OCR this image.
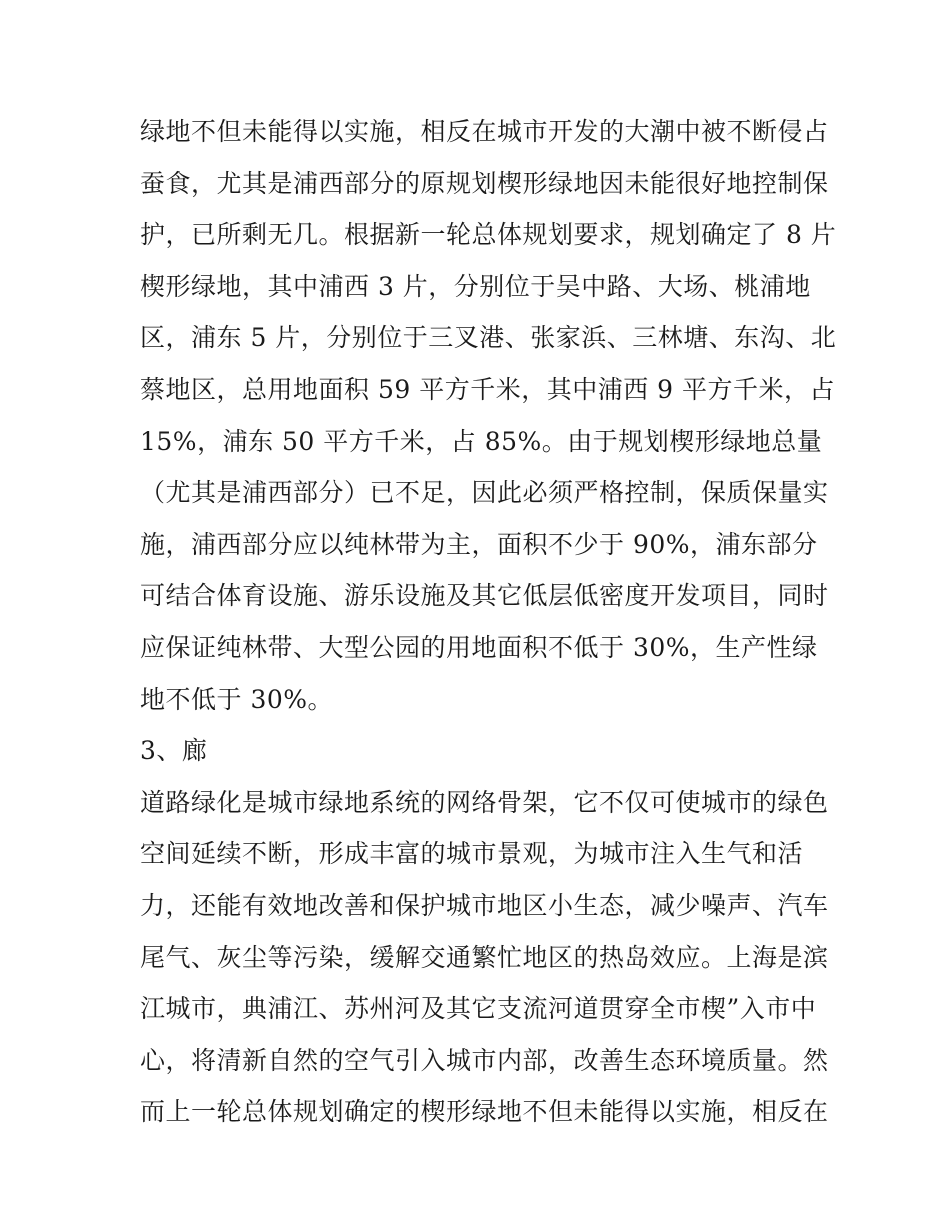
绿地不但未能得以实施，相反在城市开发的大潮中被不断侵占
蚕食，尤其是浦西部分的原规划楔形绿地因未能很好地控制保
护，已所剩无几。根据新一轮总体规划要求，规划确定了 8 片
楔形绿地，其中浦西 3 片，分别位于吴中路、大场、桃浦地
区，浦东 5 片，分别位于三叉港、张家浜、三林塘、东沟、北
蔡地区，总用地面积 59 平方千米，其中浦西 9 平方千米，占
15%，浦东 50 平方千米，占 85%。由于规划楔形绿地总量
（尤其是浦西部分）已不足，因此必须严格控制，保质保量实
施，浦西部分应以纯林带为主，面积不少于 90%，浦东部分
可结合体育设施、游乐设施及其它低层低密度开发项目，同时
应保证纯林带、大型公园的用地面积不低于 30%，生产性绿
地不低于 30%。
3、廊
道路绿化是城市绿地系统的网络骨架，它不仅可使城市的绿色
空间延续不断，形成丰富的城市景观，为城市注入生气和活
力，还能有效地改善和保护城市地区小生态，减少噪声、汽车
尾气、灰尘等污染，缓解交通繁忙地区的热岛效应。上海是滨
江城市，典浦江、苏州河及其它支流河道贯穿全市楔”入市中
心，将清新自然的空气引入城市内部，改善生态环境质量。然
而上一轮总体规划确定的楔形绿地不但未能得以实施，相反在
